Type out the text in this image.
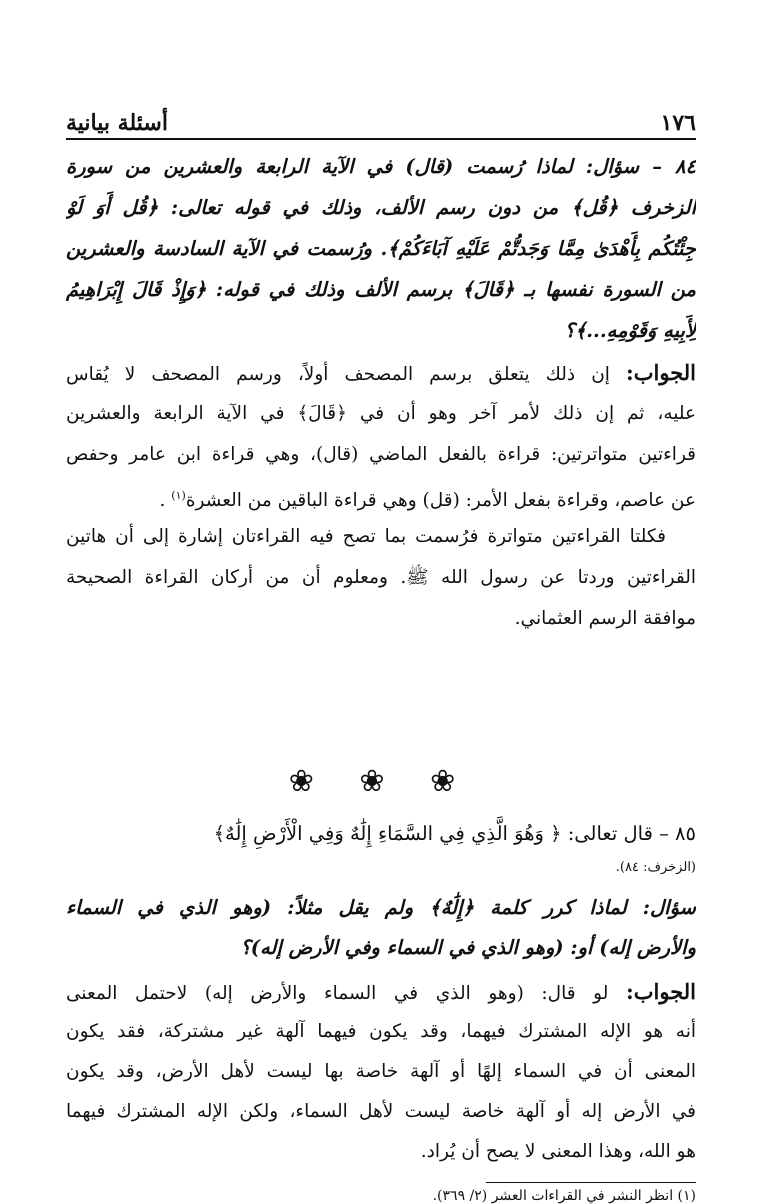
١٧٦
أسئلة بيانية
٨٤ – سؤال: لماذا رُسمت (قال) في الآية الرابعة والعشرين من سورة
الزخرف ﴿قُل﴾ من دون رسم الألف، وذلك في قوله تعالى: ﴿قُل أَوَ لَوْ
جِئْتُكُم بِأَهْدَىٰ مِمَّا وَجَدتُّمْ عَلَيْهِ آبَاءَكُمْ﴾. ورُسمت في الآية السادسة والعشرين
من السورة نفسها بـ ﴿قَالَ﴾ برسم الألف وذلك في قوله: ﴿وَإِذْ قَالَ إِبْرَاهِيمُ
لِأَبِيهِ وَقَوْمِهِ...﴾؟
الجواب: إن ذلك يتعلق برسم المصحف أولاً، ورسم المصحف لا يُقاس
عليه، ثم إن ذلك لأمر آخر وهو أن في ﴿قَالَ﴾ في الآية الرابعة والعشرين
قراءتين متواترتين: قراءة بالفعل الماضي (قال)، وهي قراءة ابن عامر وحفص
عن عاصم، وقراءة بفعل الأمر: (قل) وهي قراءة الباقين من العشرة$^{(١)}$ .
فكلتا القراءتين متواترة فرُسمت بما تصح فيه القراءتان إشارة إلى أن هاتين
القراءتين وردتا عن رسول الله ﷺ. ومعلوم أن من أركان القراءة الصحيحة
موافقة الرسم العثماني.
❀ ❀ ❀
٨٥ – قال تعالى: ﴿ وَهُوَ الَّذِي فِي السَّمَاءِ إِلَٰهٌ وَفِي الْأَرْضِ إِلَٰهٌ﴾
(الزخرف: ٨٤).
سؤال: لماذا كرر كلمة ﴿إِلَٰهٌ﴾ ولم يقل مثلاً: (وهو الذي في السماء
والأرض إله) أو: (وهو الذي في السماء وفي الأرض إله)؟
الجواب: لو قال: (وهو الذي في السماء والأرض إله) لاحتمل المعنى
أنه هو الإله المشترك فيهما، وقد يكون فيهما آلهة غير مشتركة، فقد يكون
المعنى أن في السماء إلهًا أو آلهة خاصة بها ليست لأهل الأرض، وقد يكون
في الأرض إله أو آلهة خاصة ليست لأهل السماء، ولكن الإله المشترك فيهما
هو الله، وهذا المعنى لا يصح أن يُراد.
(١) انظر النشر في القراءات العشر (٢/ ٣٦٩).
